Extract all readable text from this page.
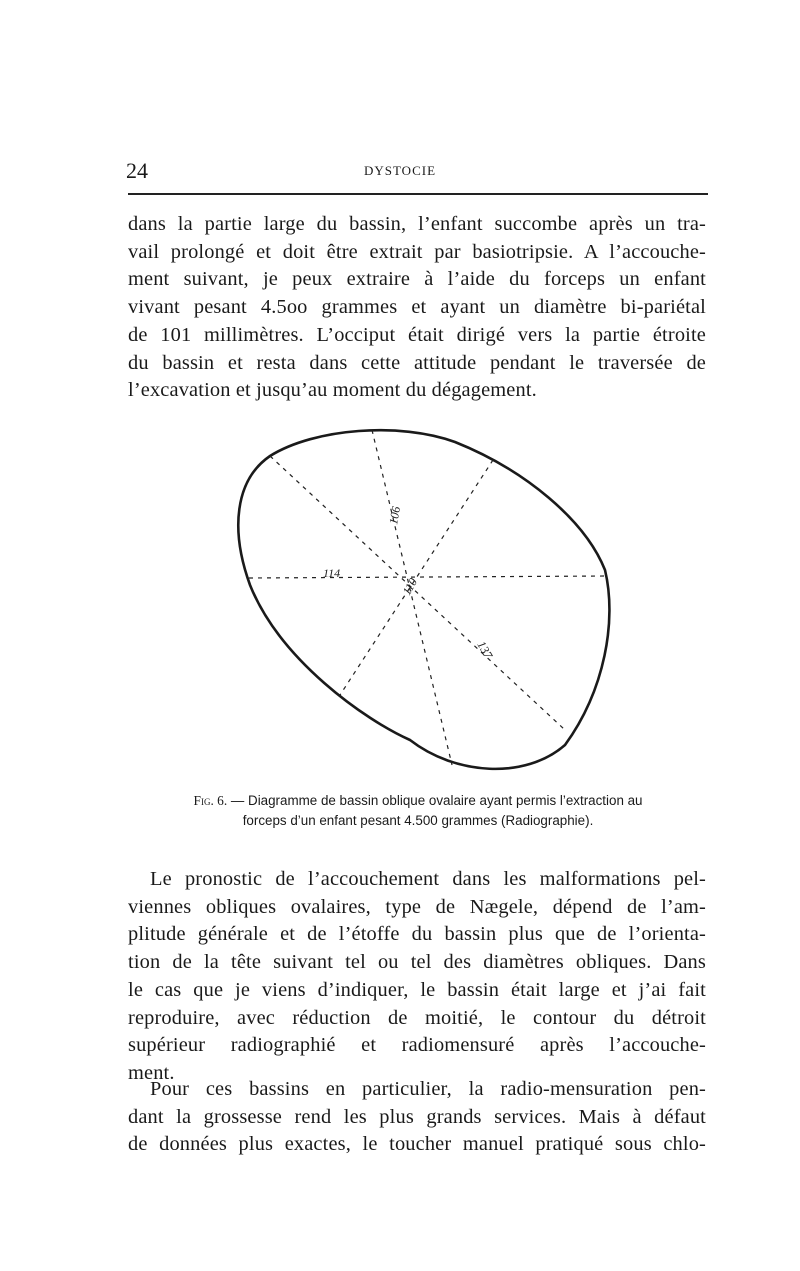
24	DYSTOCIE

dans la partie large du bassin, l’enfant succombe après un tra-
vail prolongé et doit être extrait par basiotripsie. A l’accouche-
ment suivant, je peux extraire à l’aide du forceps un enfant
vivant pesant 4.5oo grammes et ayant un diamètre bi-pariétal
de 101 millimètres. L’occiput était dirigé vers la partie étroite
du bassin et resta dans cette attitude pendant le traversée de
l’excavation et jusqu’au moment du dégagement.

114
106
110
137

Fig. 6. — Diagramme de bassin oblique ovalaire ayant permis l’extraction au
forceps d’un enfant pesant 4.500 grammes (Radiographie).

Le pronostic de l’accouchement dans les malformations pel-
viennes obliques ovalaires, type de Nægele, dépend de l’am-
plitude générale et de l’étoffe du bassin plus que de l’orienta-
tion de la tête suivant tel ou tel des diamètres obliques. Dans
le cas que je viens d’indiquer, le bassin était large et j’ai fait
reproduire, avec réduction de moitié, le contour du détroit
supérieur radiographié et radiomensuré après l’accouche-
ment.

Pour ces bassins en particulier, la radio-mensuration pen-
dant la grossesse rend les plus grands services. Mais à défaut
de données plus exactes, le toucher manuel pratiqué sous chlo-
